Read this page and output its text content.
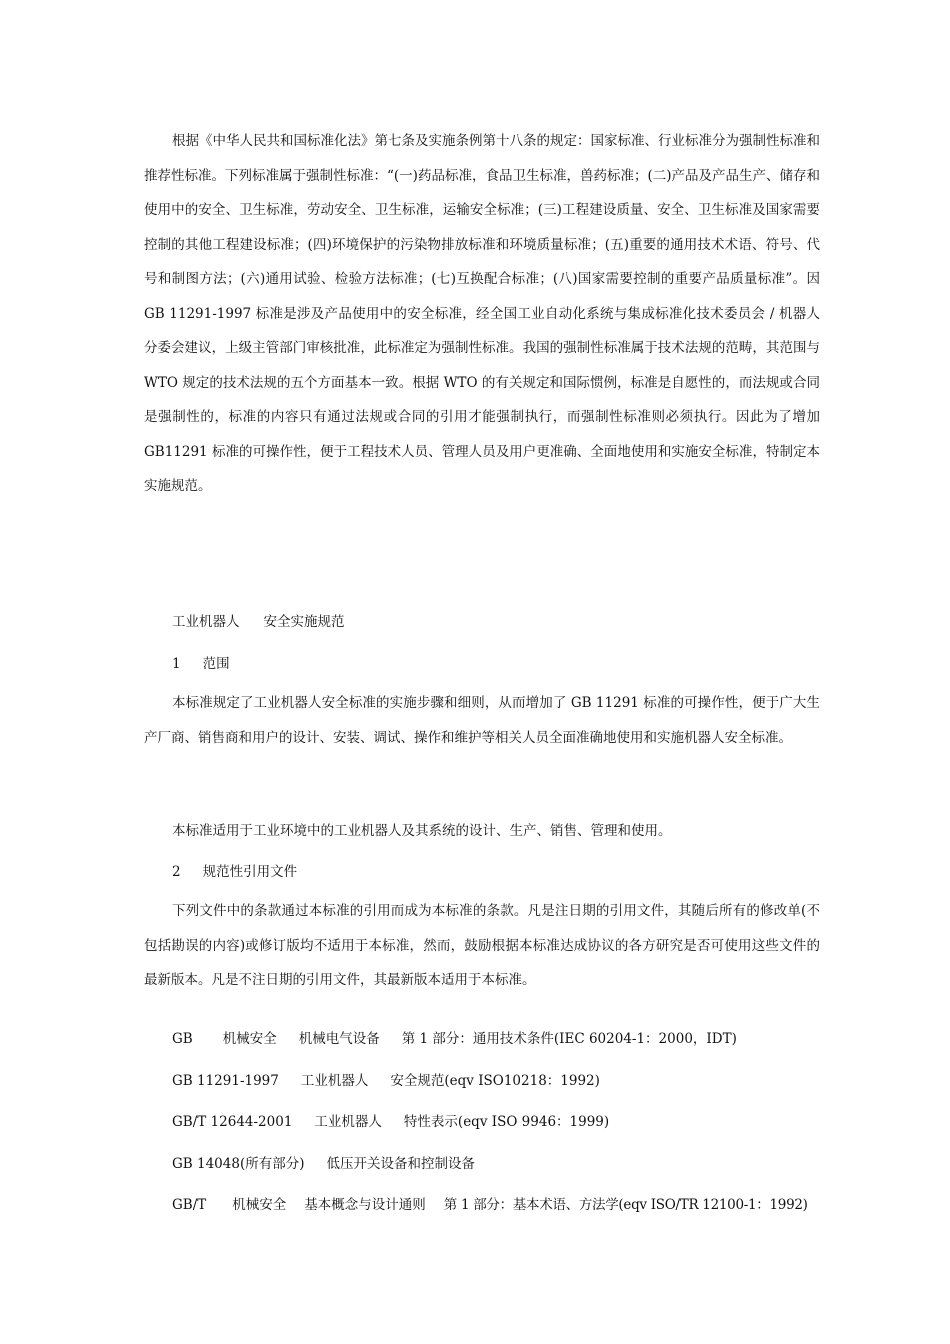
根据《中华人民共和国标准化法》第七条及实施条例第十八条的规定：国家标准、行业标准分为强制性标准和推荐性标准。下列标准属于强制性标准：“(一)药品标准，食品卫生标准，兽药标准；(二)产品及产品生产、储存和使用中的安全、卫生标准，劳动安全、卫生标准，运输安全标准；(三)工程建设质量、安全、卫生标准及国家需要控制的其他工程建设标准；(四)环境保护的污染物排放标准和环境质量标准；(五)重要的通用技术术语、符号、代号和制图方法；(六)通用试验、检验方法标准；(七)互换配合标准；(八)国家需要控制的重要产品质量标准”。因 GB 11291-1997 标准是涉及产品使用中的安全标准，经全国工业自动化系统与集成标准化技术委员会 / 机器人分委会建议，上级主管部门审核批准，此标准定为强制性标准。我国的强制性标准属于技术法规的范畴，其范围与 WTO 规定的技术法规的五个方面基本一致。根据 WTO 的有关规定和国际惯例，标准是自愿性的，而法规或合同是强制性的，标准的内容只有通过法规或合同的引用才能强制执行，而强制性标准则必须执行。因此为了增加 GB11291 标准的可操作性，便于工程技术人员、管理人员及用户更准确、全面地使用和实施安全标准，特制定本实施规范。

工业机器人 安全实施规范

1 范围

本标准规定了工业机器人安全标准的实施步骤和细则，从而增加了 GB 11291 标准的可操作性，便于广大生产厂商、销售商和用户的设计、安装、调试、操作和维护等相关人员全面准确地使用和实施机器人安全标准。

本标准适用于工业环境中的工业机器人及其系统的设计、生产、销售、管理和使用。

2 规范性引用文件

下列文件中的条款通过本标准的引用而成为本标准的条款。凡是注日期的引用文件，其随后所有的修改单(不包括勘误的内容)或修订版均不适用于本标准，然而，鼓励根据本标准达成协议的各方研究是否可使用这些文件的最新版本。凡是不注日期的引用文件，其最新版本适用于本标准。

GB 机械安全 机械电气设备 第 1 部分：通用技术条件(IEC 60204-1：2000，IDT)

GB 11291-1997 工业机器人 安全规范(eqv ISO10218：1992)

GB/T 12644-2001 工业机器人 特性表示(eqv ISO 9946：1999)

GB 14048(所有部分) 低压开关设备和控制设备

GB/T 机械安全 基本概念与设计通则 第 1 部分：基本术语、方法学(eqv ISO/TR 12100-1：1992)
